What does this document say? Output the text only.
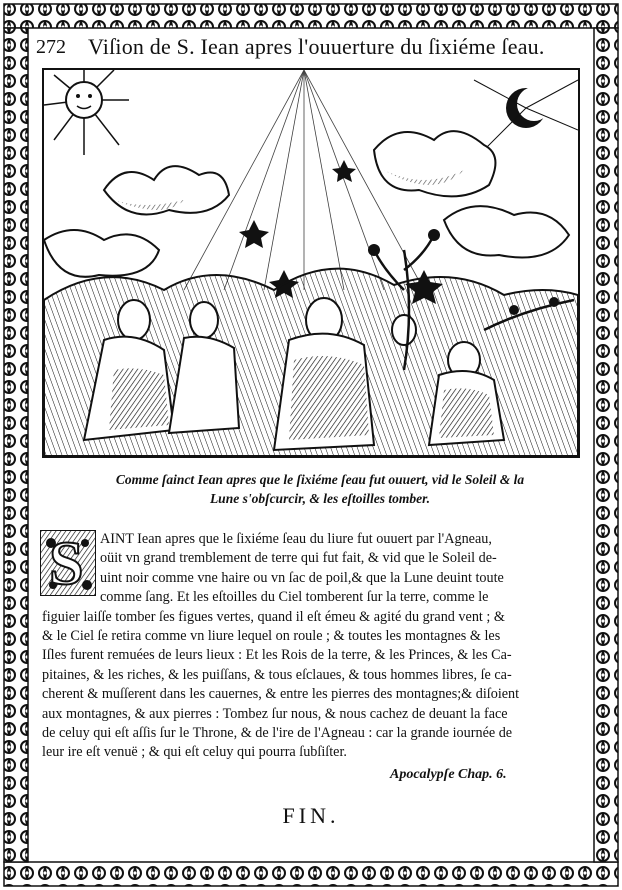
272 Viſion de S. Iean apres l'ouuerture du ſixiéme ſeau.
Comme ſainct Iean apres que le ſixiéme ſeau fut ouuert, vid le Soleil & la
Lune s'obſcurcir, & les eſtoilles tomber.
S	AINT Iean apres que le ſixiéme ſeau du liure fut ouuert par l'Agneau,
oüit vn grand tremblement de terre qui fut fait, & vid que le Soleil de-
uint noir comme vne haire ou vn ſac de poil,& que la Lune deuint toute
comme ſang. Et les eſtoilles du Ciel tomberent ſur la terre, comme le
figuier laiſſe tomber ſes figues vertes, quand il eſt émeu & agité du grand vent ; &
& le Ciel ſe retira comme vn liure lequel on roule ; & toutes les montagnes & les
Iſles furent remuées de leurs lieux : Et les Rois de la terre, & les Princes, & les Ca-
pitaines, & les riches, & les puiſſans, & tous eſclaues, & tous hommes libres, ſe ca-
cherent & muſſerent dans les cauernes, & entre les pierres des montagnes;& diſoient
aux montagnes, & aux pierres : Tombez ſur nous, & nous cachez de deuant la face
de celuy qui eſt aſſis ſur le Throne, & de l'ire de l'Agneau : car la grande iournée de
leur ire eſt venuë ; & qui eſt celuy qui pourra ſubſiſter.
Apocalypſe Chap. 6.
FIN.
